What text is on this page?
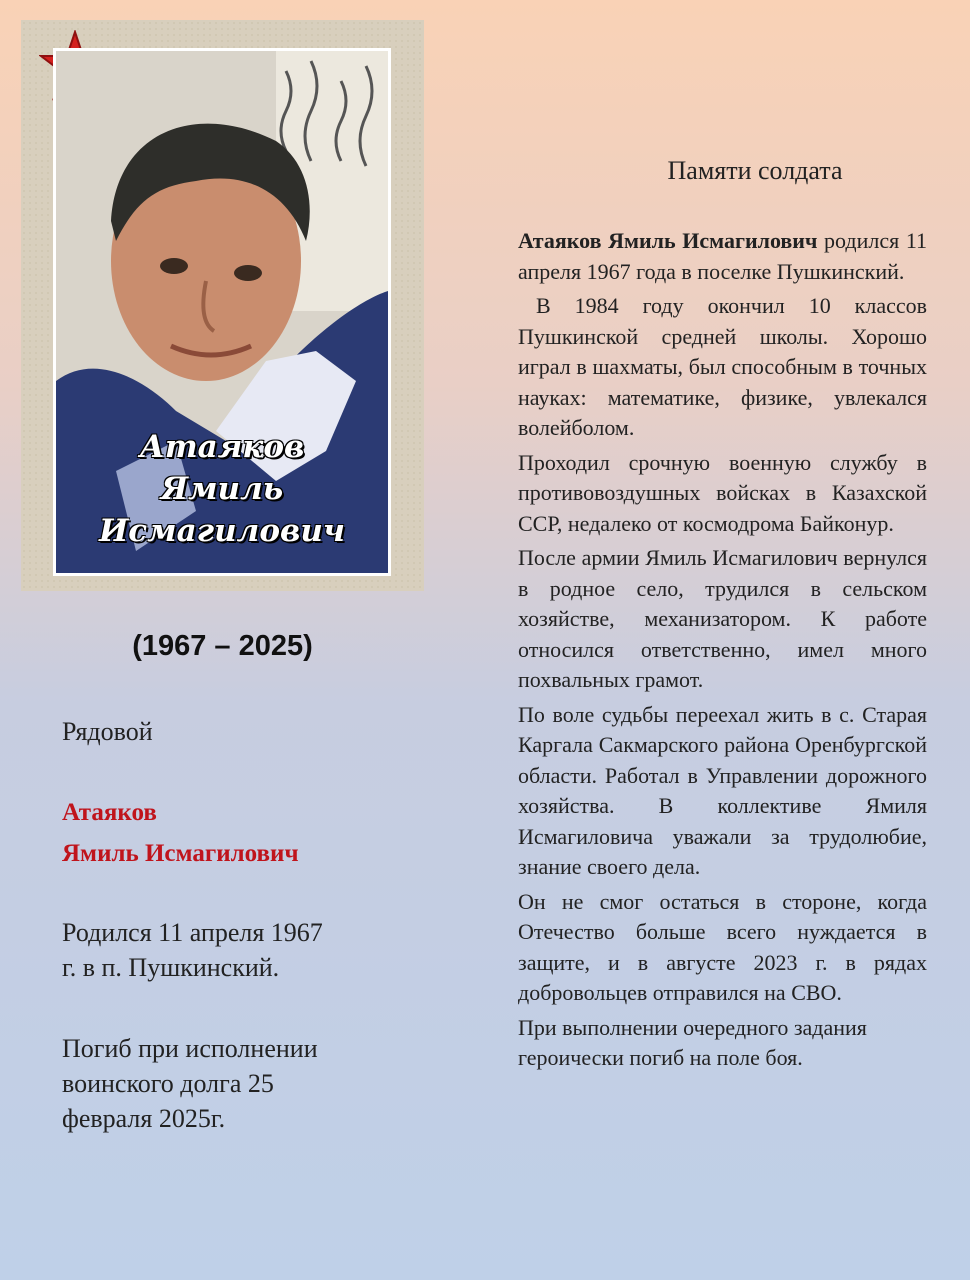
Атаяков
Ямиль
Исмагилович
(1967 – 2025)
Рядовой
Атаяков
Ямиль Исмагилович
Родился 11 апреля 1967
г. в п. Пушкинский.
Погиб при исполнении
воинского долга 25
февраля 2025г.
Памяти солдата

Атаяков Ямиль Исмагилович родился 11 апреля 1967 года в поселке Пушкинский.

В 1984 году окончил 10 классов Пушкинской средней школы. Хорошо играл в шахматы, был способным в точных науках: математике, физике, увлекался волейболом.

Проходил срочную военную службу в противовоздушных войсках в Казахской ССР, недалеко от космодрома Байконур.

После армии Ямиль Исмагилович вернулся в родное село, трудился в сельском хозяйстве, механизатором. К работе относился ответственно, имел много похвальных грамот.

По воле судьбы переехал жить в с. Старая Каргала Сакмарского района Оренбургской области. Работал в Управлении дорожного хозяйства. В коллективе Ямиля Исмагиловича уважали за трудолюбие, знание своего дела.

Он не смог остаться в стороне, когда Отечество больше всего нуждается в защите, и в августе 2023 г. в рядах добровольцев отправился на СВО.

При выполнении очередного задания героически погиб на поле боя.
